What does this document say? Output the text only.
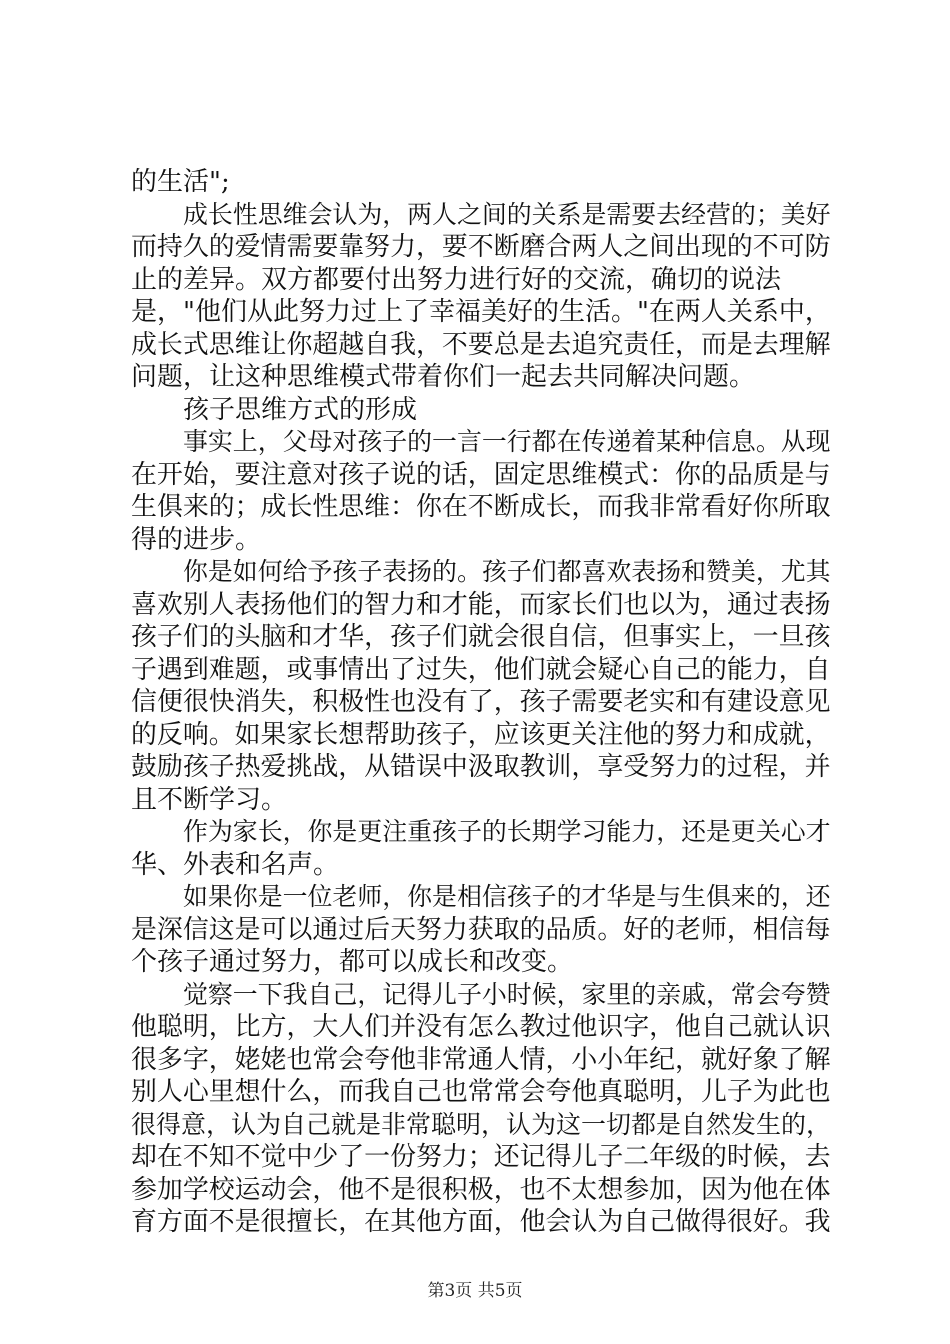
的生活";
成长性思维会认为，两人之间的关系是需要去经营的；美好
而持久的爱情需要靠努力，要不断磨合两人之间出现的不可防
止的差异。双方都要付出努力进行好的交流，确切的说法
是，"他们从此努力过上了幸福美好的生活。"在两人关系中，
成长式思维让你超越自我，不要总是去追究责任，而是去理解
问题，让这种思维模式带着你们一起去共同解决问题。
孩子思维方式的形成
事实上，父母对孩子的一言一行都在传递着某种信息。从现
在开始，要注意对孩子说的话，固定思维模式：你的品质是与
生俱来的；成长性思维：你在不断成长，而我非常看好你所取
得的进步。
你是如何给予孩子表扬的。孩子们都喜欢表扬和赞美，尤其
喜欢别人表扬他们的智力和才能，而家长们也以为，通过表扬
孩子们的头脑和才华，孩子们就会很自信，但事实上，一旦孩
子遇到难题，或事情出了过失，他们就会疑心自己的能力，自
信便很快消失，积极性也没有了，孩子需要老实和有建设意见
的反响。如果家长想帮助孩子，应该更关注他的努力和成就，
鼓励孩子热爱挑战，从错误中汲取教训，享受努力的过程，并
且不断学习。
作为家长，你是更注重孩子的长期学习能力，还是更关心才
华、外表和名声。
如果你是一位老师，你是相信孩子的才华是与生俱来的，还
是深信这是可以通过后天努力获取的品质。好的老师，相信每
个孩子通过努力，都可以成长和改变。
觉察一下我自己，记得儿子小时候，家里的亲戚，常会夸赞
他聪明，比方，大人们并没有怎么教过他识字，他自己就认识
很多字，姥姥也常会夸他非常通人情，小小年纪，就好象了解
别人心里想什么，而我自己也常常会夸他真聪明，儿子为此也
很得意，认为自己就是非常聪明，认为这一切都是自然发生的，
却在不知不觉中少了一份努力；还记得儿子二年级的时候，去
参加学校运动会，他不是很积极，也不太想参加，因为他在体
育方面不是很擅长，在其他方面，他会认为自己做得很好。我
第3页 共5页
